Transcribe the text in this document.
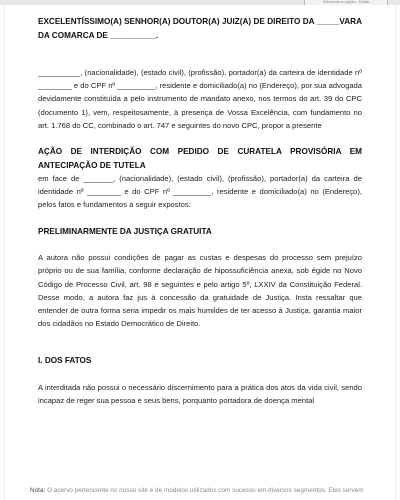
Selecione a opção - Editar

EXCELENTÍSSIMO(A) SENHOR(A) DOUTOR(A) JUIZ(A) DE DIREITO DA _____VARA DA COMARCA DE __________.

__________, (nacionalidade), (estado civil), (profissão), portador(a) da carteira de identidade nº ________ e do CPF nº _________, residente e domiciliado(a) no (Endereço), por sua advogada devidamente constituída a pelo instrumento de mandato anexo, nos termos do art. 39 do CPC (documento 1), vem, respeitosamente, à presença de Vossa Excelência, com fundamento no art. 1.768 do CC, combinado o art. 747 e seguintes do novo CPC, propor a presente

AÇÃO DE INTERDIÇÃO COM PEDIDO DE CURATELA PROVISÓRIA EM ANTECIPAÇÃO DE TUTELA

em face de _______, (nacionalidade), (estado civil), (profissão), portador(a) da carteira de identidade nº ________ e do CPF nº _________, residente e domiciliado(a) no (Endereço), pelos fatos e fundamentos a seguir expostos:

PRELIMINARMENTE DA JUSTIÇA GRATUITA

A autora não possui condições de pagar as custas e despesas do processo sem prejuízo próprio ou de sua família, conforme declaração de hipossuficiência anexa, sob égide no Novo Código de Processo Civil, art. 98 e seguintes e pelo artigo 5º, LXXIV da Constituição Federal. Desse modo, a autora faz jus à concessão da gratuidade de Justiça. Insta ressaltar que entender de outra forma seria impedir os mais humildes de ter acesso à Justiça, garantia maior dos cidadãos no Estado Democrático de Direito.

I. DOS FATOS

A interditada não possui o necessário discernimento para a prática dos atos da vida civil, sendo incapaz de reger sua pessoa e seus bens, porquanto portadora de doença mental

Nota: O acervo pertencente no nosso site é de modelos utilizados com sucesso em diversos segmentos. Eles servem
